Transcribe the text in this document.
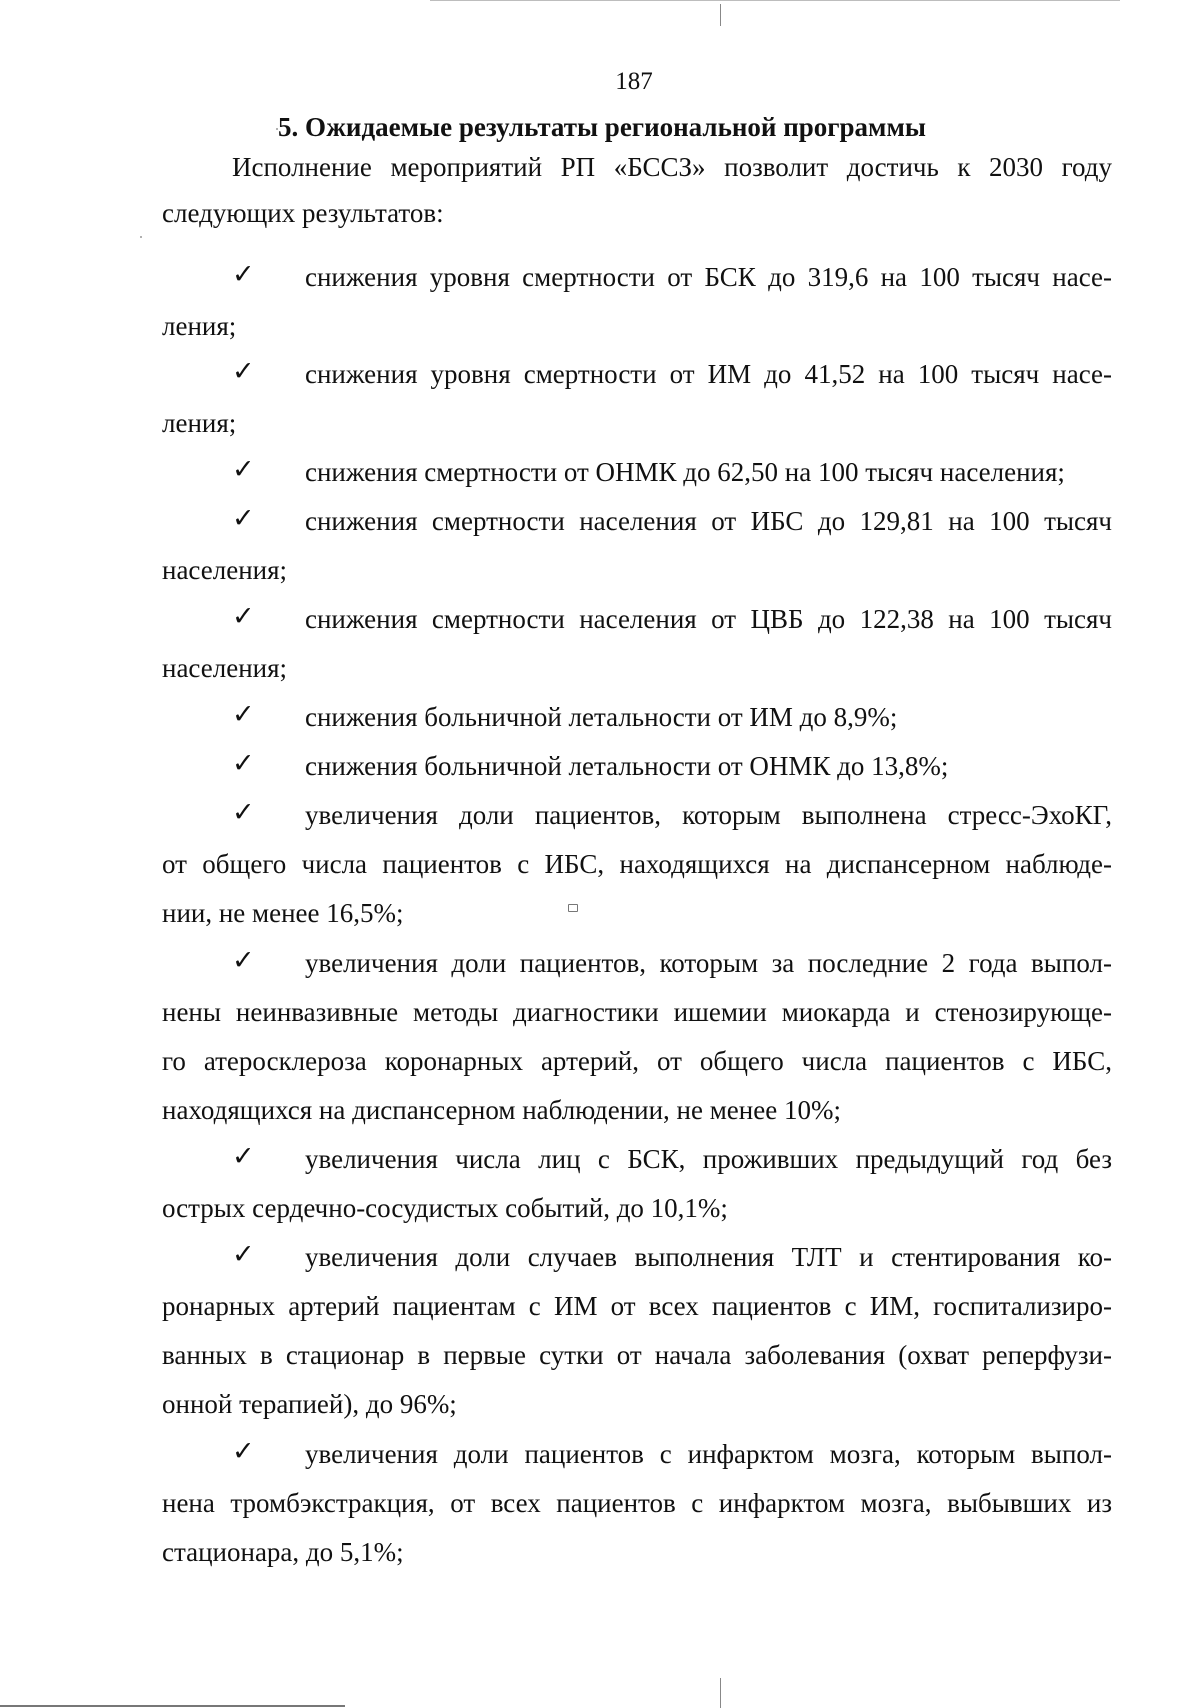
187
5. Ожидаемые результаты региональной программы
Исполнение мероприятий РП «БССЗ» позволит достичь к 2030 году
следующих результатов:
✓ снижения уровня смертности от БСК до 319,6 на 100 тысяч насе-
ления;
✓ снижения уровня смертности от ИМ до 41,52 на 100 тысяч насе-
ления;
✓ снижения смертности от ОНМК до 62,50 на 100 тысяч населения;
✓ снижения смертности населения от ИБС до 129,81 на 100 тысяч
населения;
✓ снижения смертности населения от ЦВБ до 122,38 на 100 тысяч
населения;
✓ снижения больничной летальности от ИМ до 8,9%;
✓ снижения больничной летальности от ОНМК до 13,8%;
✓ увеличения доли пациентов, которым выполнена стресс-ЭхоКГ,
от общего числа пациентов с ИБС, находящихся на диспансерном наблюде-
нии, не менее 16,5%;
✓ увеличения доли пациентов, которым за последние 2 года выпол-
нены неинвазивные методы диагностики ишемии миокарда и стенозирующе-
го атеросклероза коронарных артерий, от общего числа пациентов с ИБС,
находящихся на диспансерном наблюдении, не менее 10%;
✓ увеличения числа лиц с БСК, проживших предыдущий год без
острых сердечно-сосудистых событий, до 10,1%;
✓ увеличения доли случаев выполнения ТЛТ и стентирования ко-
ронарных артерий пациентам с ИМ от всех пациентов с ИМ, госпитализиро-
ванных в стационар в первые сутки от начала заболевания (охват реперфузи-
онной терапией), до 96%;
✓ увеличения доли пациентов с инфарктом мозга, которым выпол-
нена тромбэкстракция, от всех пациентов с инфарктом мозга, выбывших из
стационара, до 5,1%;
